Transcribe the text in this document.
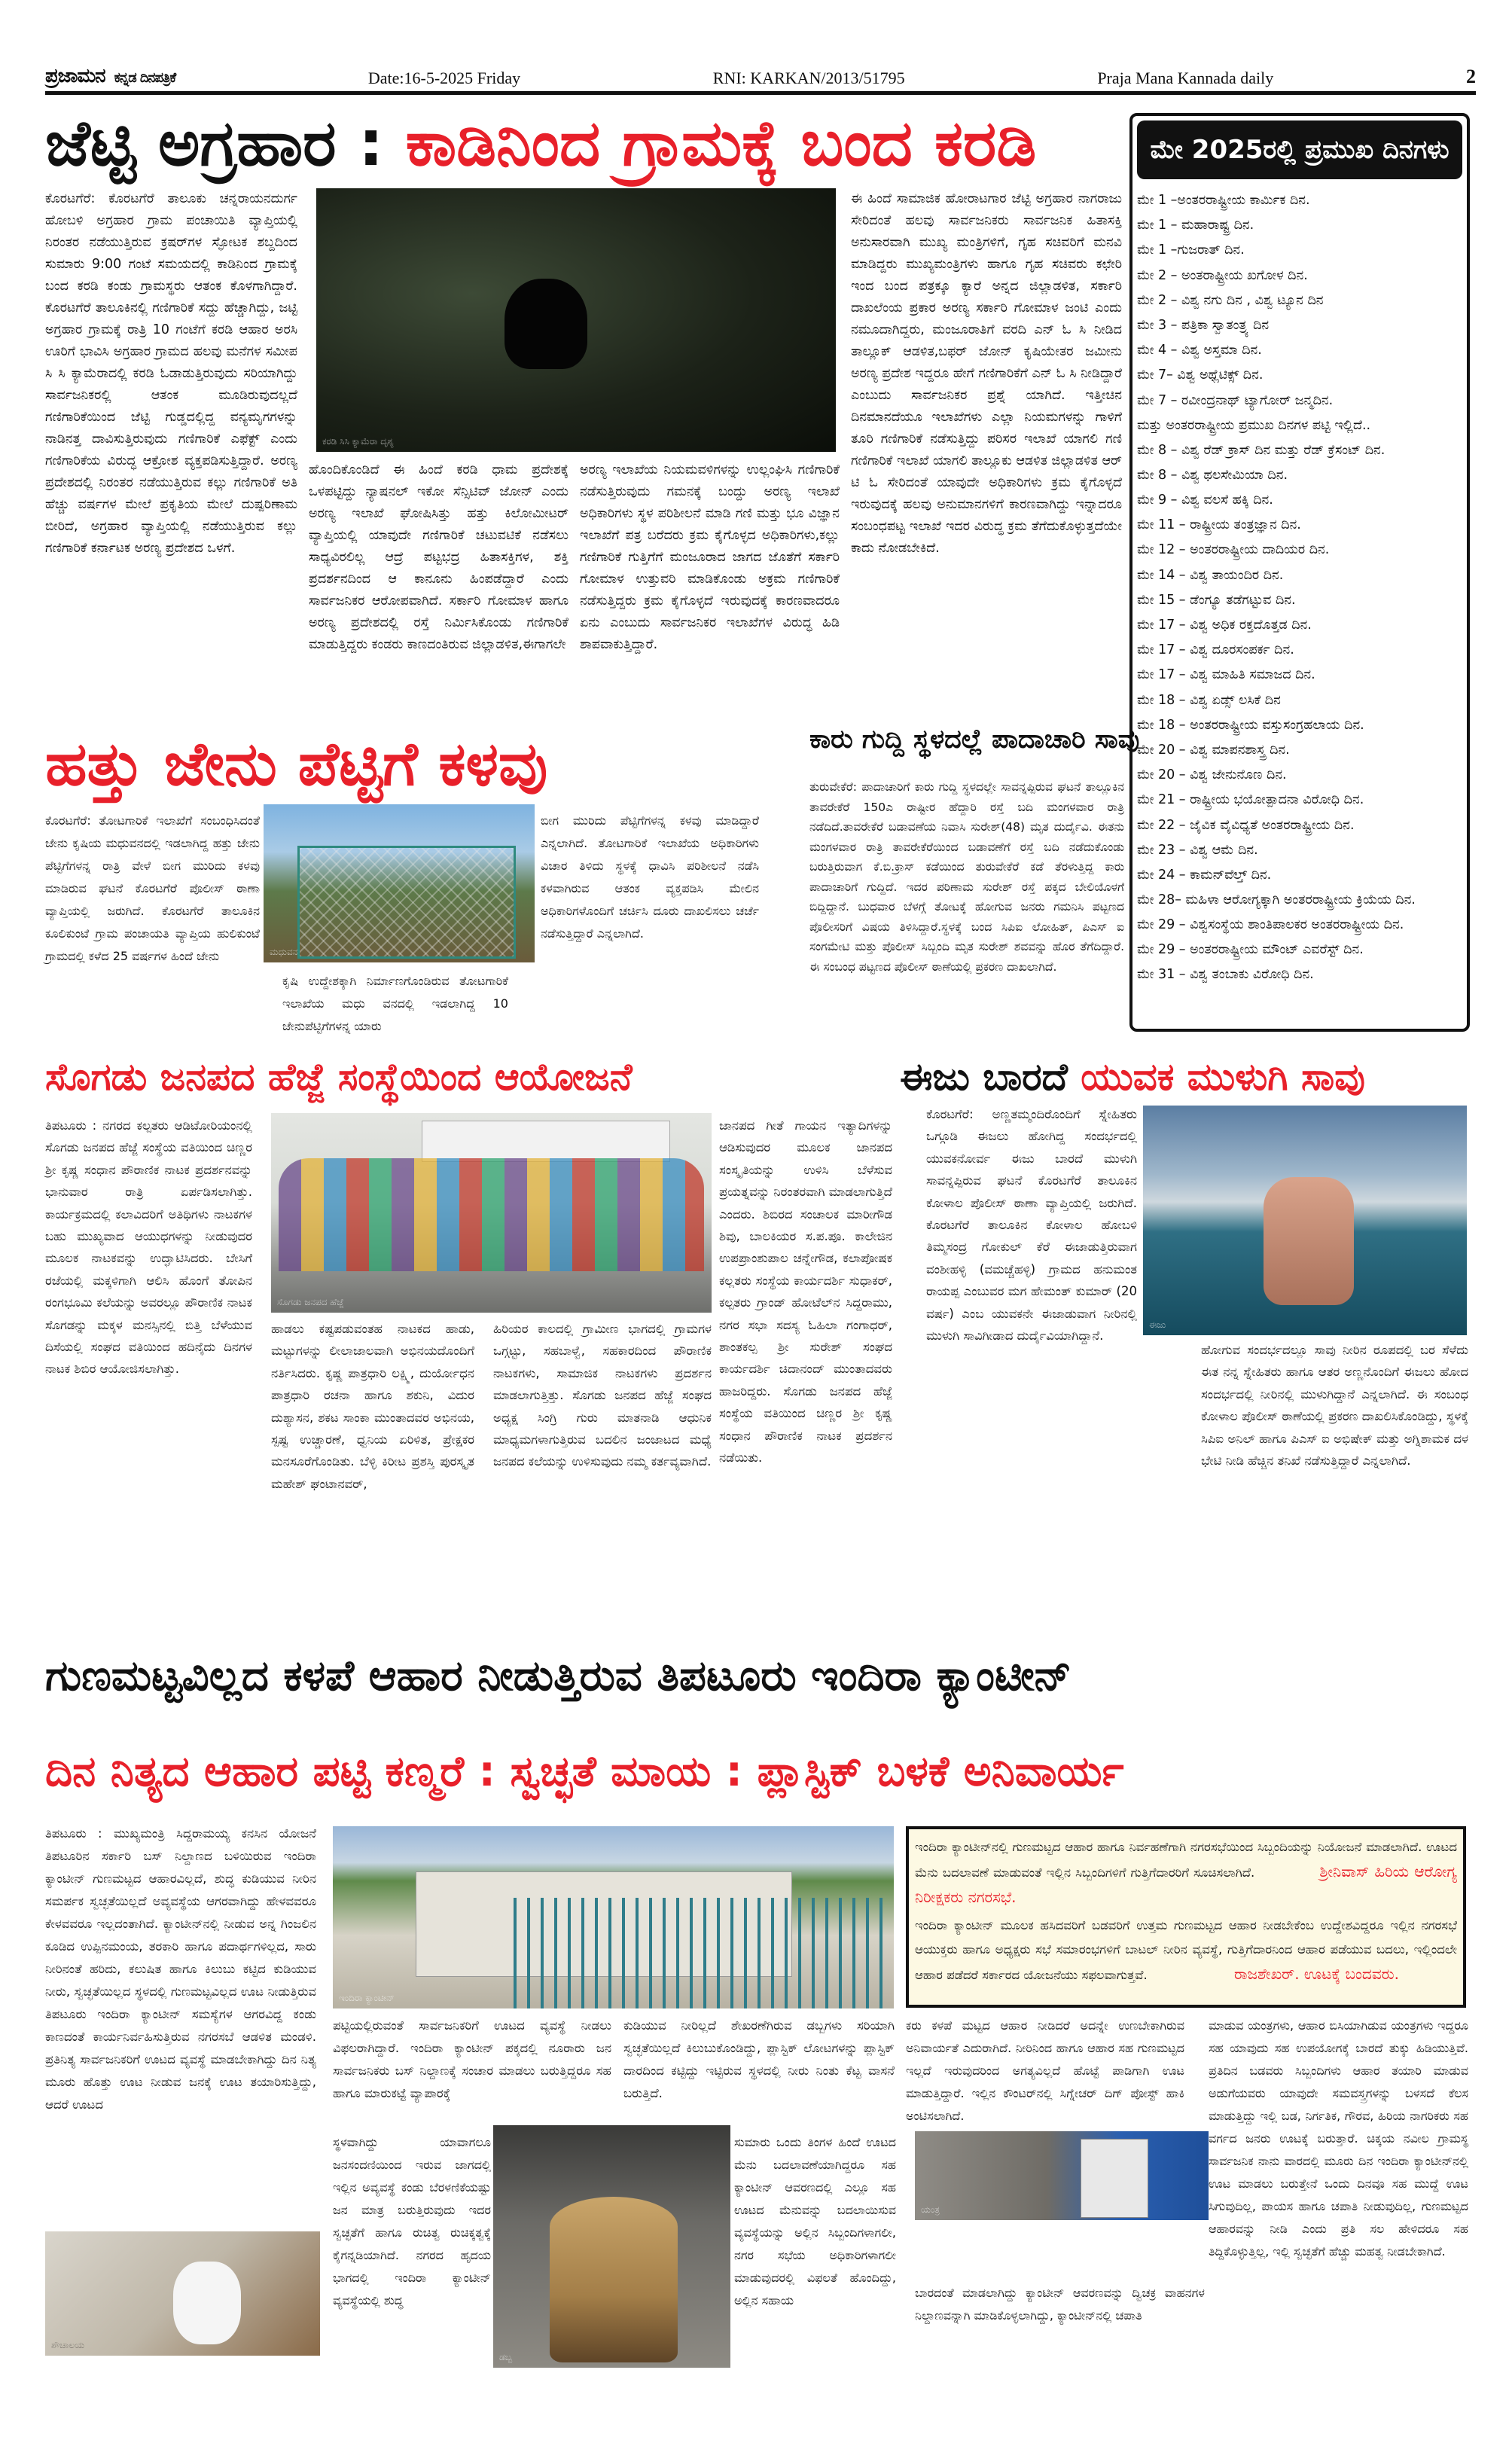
ಪ್ರಜಾಮನ ಕನ್ನಡ ದಿನಪತ್ರಿಕೆ	Date:16-5-2025 Friday	RNI: KARKAN/2013/51795	Praja Mana Kannada daily	2
ಜೆಟ್ಟಿ ಅಗ್ರಹಾರ : ಕಾಡಿನಿಂದ ಗ್ರಾಮಕ್ಕೆ ಬಂದ ಕರಡಿ
ಕೊರಟಗೆರೆ: ಕೊರಟಗೆರೆ ತಾಲೂಕು ಚನ್ನರಾಯನದುರ್ಗ ಹೋಬಳಿ ಅಗ್ರಹಾರ ಗ್ರಾಮ ಪಂಚಾಯಿತಿ ವ್ಯಾಪ್ತಿಯಲ್ಲಿ ನಿರಂತರ ನಡೆಯುತ್ತಿರುವ ಕ್ರಷರ್‌ಗಳ ಸ್ಫೋಟಕ ಶಬ್ದದಿಂದ ಸುಮಾರು 9:00 ಗಂಟೆ ಸಮಯದಲ್ಲಿ ಕಾಡಿನಿಂದ ಗ್ರಾಮಕ್ಕೆ ಬಂದ ಕರಡಿ ಕಂಡು ಗ್ರಾಮಸ್ಥರು ಆತಂಕ ಕೊಳಗಾಗಿದ್ದಾರೆ. ಕೊರಟಗೆರೆ ತಾಲೂಕಿನಲ್ಲಿ ಗಣಿಗಾರಿಕೆ ಸದ್ದು ಹೆಚ್ಚಾಗಿದ್ದು, ಜಟ್ಟಿ ಅಗ್ರಹಾರ ಗ್ರಾಮಕ್ಕೆ ರಾತ್ರಿ 10 ಗಂಟೆಗೆ ಕರಡಿ ಆಹಾರ ಅರಸಿ ಊರಿಗೆ ಭಾವಿಸಿ ಅಗ್ರಹಾರ ಗ್ರಾಮದ ಹಲವು ಮನೆಗಳ ಸಮೀಪ ಸಿ ಸಿ ಕ್ಯಾಮೆರಾದಲ್ಲಿ ಕರಡಿ ಓಡಾಡುತ್ತಿರುವುದು ಸರಿಯಾಗಿದ್ದು ಸಾರ್ವಜನಿಕರಲ್ಲಿ ಆತಂಕ ಮೂಡಿರುವುದಲ್ಲದೆ ಗಣಿಗಾರಿಕೆಯಿಂದ ಜೆಟ್ಟಿ ಗುಡ್ಡದಲ್ಲಿದ್ದ ವನ್ಯಮೃಗಗಳನ್ನು ನಾಡಿನತ್ತ ದಾವಿಸುತ್ತಿರುವುದು ಗಣಿಗಾರಿಕೆ ಎಫೆಕ್ಟ್ ಎಂದು ಗಣಿಗಾರಿಕೆಯ ವಿರುದ್ಧ ಆಕ್ರೋಶ ವ್ಯಕ್ತಪಡಿಸುತ್ತಿದ್ದಾರೆ. ಅರಣ್ಯ ಪ್ರದೇಶದಲ್ಲಿ ನಿರಂತರ ನಡೆಯುತ್ತಿರುವ ಕಲ್ಲು ಗಣಿಗಾರಿಕೆ ಅತಿ ಹೆಚ್ಚು ವರ್ಷಗಳ ಮೇಲೆ ಪ್ರಕೃತಿಯ ಮೇಲೆ ದುಷ್ಪರಿಣಾಮ ಬೀರಿದೆ, ಅಗ್ರಹಾರ ವ್ಯಾಪ್ತಿಯಲ್ಲಿ ನಡೆಯುತ್ತಿರುವ ಕಲ್ಲು ಗಣಿಗಾರಿಕೆ ಕರ್ನಾಟಕ ಅರಣ್ಯ ಪ್ರದೇಶದ ಒಳಗೆ.
ಕರಡಿ ಸಿಸಿ ಕ್ಯಾಮೆರಾ ದೃಶ್ಯ
ಹೊಂದಿಕೊಂಡಿದೆ ಈ ಹಿಂದೆ ಕರಡಿ ಧಾಮ ಪ್ರದೇಶಕ್ಕೆ ಒಳಪಟ್ಟಿದ್ದು ನ್ಯಾಷನಲ್ ಇಕೋ ಸೆನ್ಸಿಟಿವ್ ಜೋನ್ ಎಂದು ಅರಣ್ಯ ಇಲಾಖೆ ಘೋಷಿಸಿತ್ತು ಹತ್ತು ಕಿಲೋಮೀಟರ್ ವ್ಯಾಪ್ತಿಯಲ್ಲಿ ಯಾವುದೇ ಗಣಿಗಾರಿಕೆ ಚಟುವಟಿಕೆ ನಡೆಸಲು ಸಾಧ್ಯವಿರಲಿಲ್ಲ ಆದ್ರೆ ಪಟ್ಟಭದ್ರ ಹಿತಾಸಕ್ತಿಗಳ, ಶಕ್ತಿ ಪ್ರದರ್ಶನದಿಂದ ಆ ಕಾನೂನು ಹಿಂಪಡೆದ್ದಾರೆ ಎಂದು ಸಾರ್ವಜನಿಕರ ಆರೋಪವಾಗಿದೆ. ಸರ್ಕಾರಿ ಗೋಮಾಳ ಹಾಗೂ ಅರಣ್ಯ ಪ್ರದೇಶದಲ್ಲಿ ರಸ್ತೆ ನಿರ್ಮಿಸಿಕೊಂಡು ಗಣಿಗಾರಿಕೆ ಮಾಡುತ್ತಿದ್ದರು ಕಂಡರು ಕಾಣದಂತಿರುವ ಜಿಲ್ಲಾಡಳಿತ,ಈಗಾಗಲೇ
ಅರಣ್ಯ ಇಲಾಖೆಯ ನಿಯಮವಳಿಗಳನ್ನು ಉಲ್ಲಂಘಿಸಿ ಗಣಿಗಾರಿಕೆ ನಡೆಸುತ್ತಿರುವುದು ಗಮನಕ್ಕೆ ಬಂದ್ದು ಅರಣ್ಯ ಇಲಾಖೆ ಅಧಿಕಾರಿಗಳು ಸ್ಥಳ ಪರಿಶೀಲನೆ ಮಾಡಿ ಗಣಿ ಮತ್ತು ಭೂ ವಿಜ್ಞಾನ ಇಲಾಖೆಗೆ ಪತ್ರ ಬರೆದರು ಕ್ರಮ ಕೈಗೊಳ್ಳದ ಅಧಿಕಾರಿಗಳು,ಕಲ್ಲು ಗಣಿಗಾರಿಕೆ ಗುತ್ತಿಗೆಗೆ ಮಂಜೂರಾದ ಜಾಗದ ಜೊತೆಗೆ ಸರ್ಕಾರಿ ಗೋಮಾಳ ಉತ್ತುವರಿ ಮಾಡಿಕೊಂಡು ಅಕ್ರಮ ಗಣಿಗಾರಿಕೆ ನಡೆಸುತ್ತಿದ್ದರು ಕ್ರಮ ಕೈಗೊಳ್ಳದೆ ಇರುವುದಕ್ಕೆ ಕಾರಣವಾದರೂ ಏನು ಎಂಬುದು ಸಾರ್ವಜನಿಕರ ಇಲಾಖೆಗಳ ವಿರುದ್ಧ ಹಿಡಿ ಶಾಪವಾಕುತ್ತಿದ್ದಾರೆ.
ಈ ಹಿಂದೆ ಸಾಮಾಜಿಕ ಹೋರಾಟಗಾರ ಜೆಟ್ಟಿ ಅಗ್ರಹಾರ ನಾಗರಾಜು ಸೇರಿದಂತೆ ಹಲವು ಸಾರ್ವಜನಿಕರು ಸಾರ್ವಜನಿಕ ಹಿತಾಸಕ್ತಿ ಅನುಸಾರವಾಗಿ ಮುಖ್ಯ ಮಂತ್ರಿಗಳಿಗೆ, ಗೃಹ ಸಚಿವರಿಗೆ ಮನವಿ ಮಾಡಿದ್ದರು ಮುಖ್ಯಮಂತ್ರಿಗಳು ಹಾಗೂ ಗೃಹ ಸಚಿವರು ಕಛೇರಿ ಇಂದ ಬಂದ ಪತ್ರಕ್ಕೂ ಕ್ಯಾರೆ ಅನ್ನದ ಜಿಲ್ಲಾಡಳಿತ, ಸರ್ಕಾರಿ ದಾಖಲೆಂಯ ಪ್ರಕಾರ ಅರಣ್ಯ ಸರ್ಕಾರಿ ಗೋಮಾಳ ಜಂಟಿ ಎಂದು ನಮೂದಾಗಿದ್ದರು, ಮಂಜೂರಾತಿಗೆ ವರದಿ ಎನ್ ಓ ಸಿ ನೀಡಿದ ತಾಲ್ಲೂಕ್ ಆಡಳಿತ,ಬಫರ್ ಜೋನ್ ಕೃಷಿಯೇತರ ಜಮೀನು ಅರಣ್ಯ ಪ್ರದೇಶ ಇದ್ದರೂ ಹೇಗೆ ಗಣಿಗಾರಿಕೆಗೆ ಎನ್ ಓ ಸಿ ನೀಡಿದ್ದಾರೆ ಎಂಬುದು ಸಾರ್ವಜನಿಕರ ಪ್ರಶ್ನೆ ಯಾಗಿದೆ. ಇತ್ತೀಚಿನ ದಿನಮಾನದೆಯೂ ಇಲಾಖೆಗಳು ಎಲ್ಲಾ ನಿಯಮಗಳನ್ನು ಗಾಳಿಗೆ ತೂರಿ ಗಣಿಗಾರಿಕೆ ನಡೆಸುತ್ತಿದ್ದು ಪರಿಸರ ಇಲಾಖೆ ಯಾಗಲಿ ಗಣಿ ಗಣಿಗಾರಿಕೆ ಇಲಾಖೆ ಯಾಗಲಿ ತಾಲ್ಲೂಕು ಆಡಳಿತ ಜಿಲ್ಲಾಡಳಿತ ಆರ್ ಟಿ ಓ ಸೇರಿದಂತೆ ಯಾವುದೇ ಅಧಿಕಾರಿಗಳು ಕ್ರಮ ಕೈಗೊಳ್ಳದೆ ಇರುವುದಕ್ಕೆ ಹಲವು ಅನುಮಾನಗಳಿಗೆ ಕಾರಣವಾಗಿದ್ದು ಇನ್ನಾದರೂ ಸಂಬಂಧಪಟ್ಟ ಇಲಾಖೆ ಇದರ ವಿರುದ್ಧ ಕ್ರಮ ತೆಗೆದುಕೊಳ್ಳುತ್ತದೆಯೇ ಕಾದು ನೋಡಬೇಕಿದೆ.
ಮೇ 2025ರಲ್ಲಿ ಪ್ರಮುಖ ದಿನಗಳು
ಮೇ 1 –ಅಂತರರಾಷ್ಟ್ರೀಯ ಕಾರ್ಮಿಕ ದಿನ.
ಮೇ 1 – ಮಹಾರಾಷ್ಟ್ರ ದಿನ.
ಮೇ 1 –ಗುಜರಾತ್ ದಿನ.
ಮೇ 2 – ಅಂತರಾಷ್ಟ್ರೀಯ ಖಗೋಳ ದಿನ.
ಮೇ 2 – ವಿಶ್ವ ನಗು ದಿನ , ವಿಶ್ವ ಟ್ಯೂನ ದಿನ
ಮೇ 3 – ಪತ್ರಿಕಾ ಸ್ವಾತಂತ್ರ್ಯ ದಿನ
ಮೇ 4 – ವಿಶ್ವ ಅಸ್ತಮಾ ದಿನ.
ಮೇ 7– ವಿಶ್ವ ಅಥ್ಲೆಟಿಕ್ಸ್ ದಿನ.
ಮೇ 7 – ರವೀಂದ್ರನಾಥ್ ಟ್ಯಾಗೋರ್ ಜನ್ಮದಿನ.
ಮತ್ತು ಅಂತರರಾಷ್ಟ್ರೀಯ ಪ್ರಮುಖ ದಿನಗಳ ಪಟ್ಟಿ ಇಲ್ಲಿದೆ..
ಮೇ 8 – ವಿಶ್ವ ರೆಡ್ ಕ್ರಾಸ್ ದಿನ ಮತ್ತು ರೆಡ್ ಕ್ರೆಸಂಟ್ ದಿನ.
ಮೇ 8 – ವಿಶ್ವ ಥಲಸೇಮಿಯಾ ದಿನ.
ಮೇ 9 – ವಿಶ್ವ ವಲಸೆ ಹಕ್ಕಿ ದಿನ.
ಮೇ 11 – ರಾಷ್ಟ್ರೀಯ ತಂತ್ರಜ್ಞಾನ ದಿನ.
ಮೇ 12 – ಅಂತರರಾಷ್ಟ್ರೀಯ ದಾದಿಯರ ದಿನ.
ಮೇ 14 – ವಿಶ್ವ ತಾಯಂದಿರ ದಿನ.
ಮೇ 15 – ಡೆಂಗ್ಯೂ ತಡೆಗಟ್ಟುವ ದಿನ.
ಮೇ 17 – ವಿಶ್ವ ಅಧಿಕ ರಕ್ತದೊತ್ತಡ ದಿನ.
ಮೇ 17 – ವಿಶ್ವ ದೂರಸಂಪರ್ಕ ದಿನ.
ಮೇ 17 – ವಿಶ್ವ ಮಾಹಿತಿ ಸಮಾಜದ ದಿನ.
ಮೇ 18 – ವಿಶ್ವ ಏಡ್ಸ್ ಲಸಿಕೆ ದಿನ
ಮೇ 18 – ಅಂತರರಾಷ್ಟ್ರೀಯ ವಸ್ತುಸಂಗ್ರಹಲಾಯ ದಿನ.
ಮೇ 20 – ವಿಶ್ವ ಮಾಪನಶಾಸ್ತ್ರ ದಿನ.
ಮೇ 20 – ವಿಶ್ವ ಜೇನುನೊಣ ದಿನ.
ಮೇ 21 – ರಾಷ್ಟ್ರೀಯ ಭಯೋತ್ಪಾದನಾ ವಿರೋಧಿ ದಿನ.
ಮೇ 22 – ಜೈವಿಕ ವೈವಿಧ್ಯತೆ ಅಂತರರಾಷ್ಟ್ರೀಯ ದಿನ.
ಮೇ 23 – ವಿಶ್ವ ಆಮೆ ದಿನ.
ಮೇ 24 – ಕಾಮನ್‌ವೆಲ್ತ್ ದಿನ.
ಮೇ 28– ಮಹಿಳಾ ಆರೋಗ್ಯಕ್ಕಾಗಿ ಅಂತರರಾಷ್ಟ್ರೀಯ ಕ್ರಿಯೆಯ ದಿನ.
ಮೇ 29 – ವಿಶ್ವಸಂಸ್ಥೆಯ ಶಾಂತಿಪಾಲಕರ ಅಂತರರಾಷ್ಟ್ರೀಯ ದಿನ.
ಮೇ 29 – ಅಂತರರಾಷ್ಟ್ರೀಯ ಮೌಂಟ್ ಎವರೆಸ್ಟ್ ದಿನ.
ಮೇ 31 – ವಿಶ್ವ ತಂಬಾಕು ವಿರೋಧಿ ದಿನ.
ಹತ್ತು ಜೇನು ಪೆಟ್ಟಿಗೆ ಕಳವು
ಕೊರಟಗೆರೆ: ತೋಟಗಾರಿಕೆ ಇಲಾಖೆಗೆ ಸಂಬಂಧಿಸಿದಂತೆ ಜೇನು ಕೃಷಿಯ ಮಧುವನದಲ್ಲಿ ಇಡಲಾಗಿದ್ದ ಹತ್ತು ಜೇನು ಪೆಟ್ಟಿಗೆಗಳನ್ನ ರಾತ್ರಿ ವೇಳೆ ಬೀಗ ಮುರಿದು ಕಳವು ಮಾಡಿರುವ ಘಟನೆ ಕೊರಟಗೆರೆ ಪೊಲೀಸ್ ಠಾಣಾ ವ್ಯಾಪ್ತಿಯಲ್ಲಿ ಜರುಗಿದೆ. ಕೊರಟಗೆರೆ ತಾಲೂಕಿನ ಕೂಲಿಕುಂಟೆ ಗ್ರಾಮ ಪಂಚಾಯತಿ ವ್ಯಾಪ್ತಿಯ ಹುಲಿಕುಂಟೆ ಗ್ರಾಮದಲ್ಲಿ ಕಳೆದ 25 ವರ್ಷಗಳ ಹಿಂದೆ ಜೇನು	ಮಧುವನ
ಕೃಷಿ ಉದ್ದೇಶಕ್ಕಾಗಿ ನಿರ್ಮಾಣಗೊಂಡಿರುವ ತೋಟಗಾರಿಕೆ ಇಲಾಖೆಯ ಮಧು ವನದಲ್ಲಿ ಇಡಲಾಗಿದ್ದ 10 ಜೇನುಪೆಟ್ಟಿಗೆಗಳನ್ನ ಯಾರು
ಬೀಗ ಮುರಿದು ಪೆಟ್ಟಿಗೆಗಳನ್ನ ಕಳವು ಮಾಡಿದ್ದಾರೆ ಎನ್ನಲಾಗಿದೆ. ತೋಟಗಾರಿಕೆ ಇಲಾಖೆಯ ಅಧಿಕಾರಿಗಳು ವಿಚಾರ ತಿಳಿದು ಸ್ಥಳಕ್ಕೆ ಧಾವಿಸಿ ಪರಿಶೀಲನೆ ನಡೆಸಿ ಕಳವಾಗಿರುವ ಆತಂಕ ವ್ಯಕ್ತಪಡಿಸಿ ಮೇಲಿನ ಅಧಿಕಾರಿಗಳೊಂದಿಗೆ ಚರ್ಚಿಸಿ ದೂರು ದಾಖಲಿಸಲು ಚರ್ಚೆ ನಡೆಸುತ್ತಿದ್ದಾರೆ ಎನ್ನಲಾಗಿದೆ.
ಕಾರು ಗುದ್ದಿ ಸ್ಥಳದಲ್ಲೆ ಪಾದಾಚಾರಿ ಸಾವು
ತುರುವೇಕೆರೆ: ಪಾದಾಚಾರಿಗೆ ಕಾರು ಗುದ್ದಿ ಸ್ಥಳದಲ್ಲೇ ಸಾವನ್ನಪ್ಪಿರುವ ಘಟನೆ ತಾಲ್ಲೂಕಿನ ತಾವರೇಕೆರೆ 150ಎ ರಾಷ್ಟೀರ ಹೆದ್ದಾರಿ ರಸ್ತೆ ಬದಿ ಮಂಗಳವಾರ ರಾತ್ರಿ ನಡೆದಿದೆ.ತಾವರೇಕೆರೆ ಬಡಾವಣೆಯ ನಿವಾಸಿ ಸುರೇಶ್(48) ಮೃತ ದುರ್ದೈವಿ. ಈತನು ಮಂಗಳವಾರ ರಾತ್ರಿ ತಾವರೇಕೆರೆಯಿಂದ ಬಡಾವಣೆಗೆ ರಸ್ತೆ ಬದಿ ನಡೆದುಕೊಂಡು ಬರುತ್ತಿರುವಾಗ ಕೆ.ಬಿ.ಕ್ರಾಸ್ ಕಡೆಯಿಂದ ತುರುವೇಕೆರೆ ಕಡೆ ತೆರಳುತ್ತಿದ್ದ ಕಾರು ಪಾದಾಚಾರಿಗೆ ಗುದ್ದಿದೆ. ಇದರ ಪರಿಣಾಮ ಸುರೇಶ್ ರಸ್ತೆ ಪಕ್ಕದ ಬೇಲಿಯೊಳಗೆ ಬಿದ್ದಿದ್ದಾನೆ. ಬುಧವಾರ ಬೆಳಗ್ಗೆ ತೋಟಕ್ಕೆ ಹೋಗುವ ಜನರು ಗಮನಿಸಿ ಪಟ್ಟಣದ ಪೊಲೀಸರಿಗೆ ವಿಷಯ ತಿಳಿಸಿದ್ದಾರೆ.ಸ್ಥಳಕ್ಕೆ ಬಂದ ಸಿಪಿಐ ಲೋಹಿತ್, ಪಿಎಸ್ ಐ ಸಂಗಮೇಟಿ ಮತ್ತು ಪೊಲೀಸ್ ಸಿಬ್ಬಂದಿ ಮೃತ ಸುರೇಶ್ ಶವವನ್ನು ಹೊರ ತೆಗೆದಿದ್ದಾರೆ. ಈ ಸಂಬಂಧ ಪಟ್ಟಣದ ಪೊಲೀಸ್ ಠಾಣೆಯಲ್ಲಿ ಪ್ರಕರಣ ದಾಖಲಾಗಿದೆ.
ಸೊಗಡು ಜನಪದ ಹೆಜ್ಜೆ ಸಂಸ್ಥೆಯಿಂದ ಆಯೋಜನೆ
ತಿಪಟೂರು : ನಗರದ ಕಲ್ಪತರು ಆಡಿಟೋರಿಯಂನಲ್ಲಿ ಸೊಗಡು ಜನಪದ ಹೆಜ್ಜೆ ಸಂಸ್ಥೆಯ ವತಿಯಿಂದ ಚಿಣ್ಣರ ಶ್ರೀ ಕೃಷ್ಣ ಸಂಧಾನ ಪೌರಾಣಿಕ ನಾಟಕ ಪ್ರದರ್ಶನವನ್ನು ಭಾನುವಾರ ರಾತ್ರಿ ಏರ್ಪಡಿಸಲಾಗಿತ್ತು. ಕಾರ್ಯಕ್ರಮದಲ್ಲಿ ಕಲಾವಿದರಿಗೆ ಅತಿಥಿಗಳು ನಾಟಕಗಳ ಬಹು ಮುಖ್ಯವಾದ ಆಯುಧಗಳನ್ನು ನೀಡುವುದರ ಮೂಲಕ ನಾಟಕವನ್ನು ಉದ್ಘಾಟಿಸಿದರು. ಬೇಸಿಗೆ ರಜೆಯಲ್ಲಿ ಮಕ್ಕಳಿಗಾಗಿ ಆಲಿಸಿ ಹೊಂಗೆ ತೋಪಿನ ರಂಗಭೂಮಿ ಕಲೆಯನ್ನು ಅವರಲ್ಲೂ ಪೌರಾಣಿಕ ನಾಟಕ ಸೊಗಡನ್ನು ಮಕ್ಕಳ ಮನಸ್ಸಿನಲ್ಲಿ ಬಿತ್ತಿ ಬೆಳೆಯುವ ದಿಸೆಯಲ್ಲಿ ಸಂಘದ ವತಿಯಿಂದ ಹದಿನೈದು ದಿನಗಳ ನಾಟಕ ಶಿಬಿರ ಆಯೋಜಿಸಲಾಗಿತ್ತು.
ಸೊಗಡು ಜನಪದ ಹೆಜ್ಜೆ
ಹಾಡಲು ಕಷ್ಟಪಡುವಂತಹ ನಾಟಕದ ಹಾಡು, ಮಟ್ಟುಗಳನ್ನು ಲೀಲಾಜಾಲವಾಗಿ ಅಭಿನಯದೊಂದಿಗೆ ನರ್ತಿಸಿದರು. ಕೃಷ್ಣ ಪಾತ್ರಧಾರಿ ಲಕ್ಷ್ಮಿ, ದುರ್ಯೋಧನ ಪಾತ್ರಧಾರಿ ರಚನಾ ಹಾಗೂ ಶಕುನಿ, ವಿದುರ ದುಶ್ಯಾಸನ, ಶಕಟ ಸಾಂಕಾ ಮುಂತಾದವರ ಅಭಿನಯ, ಸ್ಪಷ್ಟ ಉಚ್ಚಾರಣೆ, ಧ್ವನಿಯ ಏರಿಳಿತ, ಪ್ರೇಕ್ಷಕರ ಮನಸೂರೆಗೊಂಡಿತು. ಬೆಳ್ಳಿ ಕಿರೀಟ ಪ್ರಶಸ್ತಿ ಪುರಸ್ಕೃತ ಮಹೇಶ್ ಘಂಟಾನವರ್,
ಹಿರಿಯರ ಕಾಲದಲ್ಲಿ ಗ್ರಾಮೀಣ ಭಾಗದಲ್ಲಿ ಗ್ರಾಮಗಳ ಒಗ್ಗಟ್ಟು, ಸಹಬಾಳ್ವೆ, ಸಹಕಾರದಿಂದ ಪೌರಾಣಿಕ ನಾಟಕಗಳು, ಸಾಮಾಜಿಕ ನಾಟಕಗಳು ಪ್ರದರ್ಶನ ಮಾಡಲಾಗುತ್ತಿತ್ತು. ಸೊಗಡು ಜನಪದ ಹೆಜ್ಜೆ ಸಂಘದ ಅಧ್ಯಕ್ಷ ಸಿಂಗ್ರಿ ಗುರು ಮಾತನಾಡಿ ಆಧುನಿಕ ಮಾಧ್ಯಮಗಳಾಗುತ್ತಿರುವ ಬದಲಿನ ಜಂಜಾಟದ ಮಧ್ಯೆ ಜನಪದ ಕಲೆಯನ್ನು ಉಳಿಸುವುದು ನಮ್ಮ ಕರ್ತವ್ಯವಾಗಿದೆ.
ಜಾನಪದ ಗೀತೆ ಗಾಯನ ಇತ್ಯಾದಿಗಳನ್ನು ಆಡಿಸುವುದರ ಮೂಲಕ ಜಾನಪದ ಸಂಸ್ಕೃತಿಯನ್ನು ಉಳಿಸಿ ಬೆಳೆಸುವ ಪ್ರಯತ್ನವನ್ನು ನಿರಂತರವಾಗಿ ಮಾಡಲಾಗುತ್ತಿದೆ ಎಂದರು. ಶಿಬಿರದ ಸಂಚಾಲಕ ಮಾರೀಗೌಡ ಶಿವು, ಬಾಲಕಿಯರ ಸ.ಪ.ಪೂ. ಕಾಲೇಜಿನ ಉಪಪ್ರಾಂಶುಪಾಲ ಚನ್ನೇಗೌಡ, ಕಲಾಪೋಷಕ ಕಲ್ಲತರು ಸಂಸ್ಥೆಯ ಕಾರ್ಯದರ್ಶಿ ಸುಧಾಕರ್, ಕಲ್ಪತರು ಗ್ರಾಂಡ್ ಹೋಟೆಲ್‌ನ ಸಿದ್ದರಾಮು, ನಗರ ಸಭಾ ಸದಸ್ಯ ಓಹಿಲಾ ಗಂಗಾಧರ್, ಶಾಂತಕಲ್ಪ ಶ್ರೀ ಸುರೇಶ್ ಸಂಘದ ಕಾರ್ಯದರ್ಶಿ ಚಿದಾನಂದ್ ಮುಂತಾದವರು ಹಾಜರಿದ್ದರು. ಸೊಗಡು ಜನಪದ ಹೆಜ್ಜೆ ಸಂಸ್ಥೆಯ ವತಿಯಿಂದ ಚಿಣ್ಣರ ಶ್ರೀ ಕೃಷ್ಣ ಸಂಧಾನ ಪೌರಾಣಿಕ ನಾಟಕ ಪ್ರದರ್ಶನ ನಡೆಯಿತು.
ಈಜು ಬಾರದೆ ಯುವಕ ಮುಳುಗಿ ಸಾವು
ಕೊರಟಗೆರೆ: ಅಣ್ಣತಮ್ಮಂದಿರೊಂದಿಗೆ ಸ್ನೇಹಿತರು ಒಗ್ಗೂಡಿ ಈಜಲು ಹೋಗಿದ್ದ ಸಂದರ್ಭದಲ್ಲಿ ಯುವಕನೋರ್ವ ಈಜು ಬಾರದೆ ಮುಳುಗಿ ಸಾವನ್ನಪ್ಪಿರುವ ಘಟನೆ ಕೊರಟಗೆರೆ ತಾಲೂಕಿನ ಕೋಳಾಲ ಪೊಲೀಸ್ ಠಾಣಾ ವ್ಯಾಪ್ತಿಯಲ್ಲಿ ಜರುಗಿದೆ. ಕೊರಟಗೆರೆ ತಾಲೂಕಿನ ಕೋಳಾಲ ಹೋಬಳಿ ತಿಮ್ಮಸಂದ್ರ ಗೋಕುಲ್ ಕೆರೆ ಈಜಾಡುತ್ತಿರುವಾಗ ವಂಶೀಹಳ್ಳಿ (ವಮಚ್ಚೆಹಳ್ಳಿ) ಗ್ರಾಮದ ಹನುಮಂತ ರಾಯಪ್ಪ ಎಂಬುವರ ಮಗ ಹೇಮಂತ್ ಕುಮಾರ್ (20 ವರ್ಷ) ಎಂಬ ಯುವಕನೇ ಈಜಾಡುವಾಗ ನೀರಿನಲ್ಲಿ ಮುಳುಗಿ ಸಾವಿಗೀಡಾದ ದುರ್ದೈವಿಯಾಗಿದ್ದಾನೆ.
ಈಜು
ಹೋಗುವ ಸಂದರ್ಭದಲ್ಲೂ ಸಾವು ನೀರಿನ ರೂಪದಲ್ಲಿ ಬರ ಸೆಳೆದು ಈತ ನನ್ನ ಸ್ನೇಹಿತರು ಹಾಗೂ ಆತರ ಅಣ್ಣನೊಂದಿಗೆ ಈಜಲು ಹೋದ ಸಂದರ್ಭದಲ್ಲಿ ನೀರಿನಲ್ಲಿ ಮುಳುಗಿದ್ದಾನೆ ಎನ್ನಲಾಗಿದೆ. ಈ ಸಂಬಂಧ ಕೋಳಾಲ ಪೊಲೀಸ್ ಠಾಣೆಯಲ್ಲಿ ಪ್ರಕರಣ ದಾಖಲಿಸಿಕೊಂಡಿದ್ದು, ಸ್ಥಳಕ್ಕೆ ಸಿಪಿಐ ಅನಿಲ್ ಹಾಗೂ ಪಿಎಸ್ ಐ ಅಭಿಷೇಕ್ ಮತ್ತು ಅಗ್ನಿಶಾಮಕ ದಳ ಭೇಟಿ ನೀಡಿ ಹೆಚ್ಚಿನ ತನಿಖೆ ನಡೆಸುತ್ತಿದ್ದಾರೆ ಎನ್ನಲಾಗಿದೆ.
ಗುಣಮಟ್ಟವಿಲ್ಲದ ಕಳಪೆ ಆಹಾರ ನೀಡುತ್ತಿರುವ ತಿಪಟೂರು ಇಂದಿರಾ ಕ್ಯಾಂಟೀನ್
ದಿನ ನಿತ್ಯದ ಆಹಾರ ಪಟ್ಟಿ ಕಣ್ಮರೆ : ಸ್ವಚ್ಛತೆ ಮಾಯ : ಪ್ಲಾಸ್ಟಿಕ್ ಬಳಕೆ ಅನಿವಾರ್ಯ
ತಿಪಟೂರು : ಮುಖ್ಯಮಂತ್ರಿ ಸಿದ್ದರಾಮಯ್ಯ ಕನಸಿನ ಯೋಜನೆ ತಿಪಟೂರಿನ ಸರ್ಕಾರಿ ಬಸ್ ನಿಲ್ದಾಣದ ಬಳಿಯಿರುವ ಇಂದಿರಾ ಕ್ಯಾಂಟೀನ್ ಗುಣಮಟ್ಟದ ಆಹಾರವಿಲ್ಲದೆ, ಶುದ್ಧ ಕುಡಿಯುವ ನೀರಿನ ಸಮರ್ಪಕ ಸ್ವಚ್ಛತೆಯಿಲ್ಲದೆ ಅವ್ಯವಸ್ಥೆಯ ಆಗರವಾಗಿದ್ದು ಹೇಳವವರೂ ಕೇಳವವರೂ ಇಲ್ಲದಂತಾಗಿದೆ. ಕ್ಯಾಂಟೀನ್‌ನಲ್ಲಿ ನೀಡುವ ಅನ್ನ ಗಿಂಜಲಿನ ಕೂಡಿದ ಉಪ್ಪಿನಮಂಯ, ತರಕಾರಿ ಹಾಗೂ ಪದಾರ್ಥಗಳಿಲ್ಲದ, ಸಾರು ನೀರಿನಂತೆ ಹರಿದು, ಕಲುಷಿತ ಹಾಗೂ ಕಿಲುಬು ಕಟ್ಟಿದ ಕುಡಿಯುವ ನೀರು, ಸ್ವಚ್ಛತೆಯಿಲ್ಲದ ಸ್ಥಳದಲ್ಲಿ ಗುಣಮಟ್ಟವಿಲ್ಲದ ಊಟ ನೀಡುತ್ತಿರುವ ತಿಪಟೂರು ಇಂದಿರಾ ಕ್ಯಾಂಟೀನ್ ಸಮಸ್ಯೆಗಳ ಆಗರವಿದ್ದ ಕಂಡು ಕಾಣದಂತೆ ಕಾರ್ಯನಿರ್ವಹಿಸುತ್ತಿರುವ ನಗರಸಬೆ ಆಡಳಿತ ಮಂಡಳಿ. ಪ್ರತಿನಿತ್ಯ ಸಾರ್ವಜನಿಕರಿಗೆ ಊಟದ ವ್ಯವಸ್ಥೆ ಮಾಡಬೇಕಾಗಿದ್ದು ದಿನ ನಿತ್ಯ ಮೂರು ಹೊತ್ತು ಊಟ ನೀಡುವ ಜನಕ್ಕೆ ಊಟ ತಯಾರಿಸುತ್ತಿದ್ದು, ಆದರೆ ಊಟದ
ಇಂದಿರಾ ಕ್ಯಾಂಟೀನ್
ಪಟ್ಟಿಯಲ್ಲಿರುವಂತೆ ಸಾರ್ವಜನಿಕರಿಗೆ ಊಟದ ವ್ಯವಸ್ಥೆ ನೀಡಲು ವಿಫಲರಾಗಿದ್ದಾರೆ. ಇಂದಿರಾ ಕ್ಯಾಂಟೀನ್ ಪಕ್ಕದಲ್ಲಿ ನೂರಾರು ಜನ ಸಾರ್ವಜನಿಕರು ಬಸ್ ನಿಲ್ದಾಣಕ್ಕೆ ಸಂಚಾರ ಮಾಡಲು ಬರುತ್ತಿದ್ದರೂ ಸಹ ಹಾಗೂ ಮಾರುಕಟ್ಟೆ ವ್ಯಾಪಾರಕ್ಕೆ
ಕುಡಿಯುವ ನೀರಿಲ್ಲದೆ ಶೇಖರಣೆಗಿರುವ ಡಬ್ಬಗಳು ಸರಿಯಾಗಿ ಸ್ವಚ್ಛತೆಯಿಲ್ಲದೆ ಕಿಲುಬುಕೊಂಡಿದ್ದು, ಪ್ಲಾಸ್ಟಿಕ್ ಲೋಟಗಳನ್ನು ಪ್ಲಾಸ್ಟಿಕ್ ದಾರದಿಂದ ಕಟ್ಟಿದ್ದು ಇಟ್ಟಿರುವ ಸ್ಥಳದಲ್ಲಿ ನೀರು ನಿಂತು ಕೆಟ್ಟ ವಾಸನೆ ಬರುತ್ತಿದೆ.
ಶೌಚಾಲಯ
ಸ್ಥಳವಾಗಿದ್ದು ಯಾವಾಗಲೂ ಜನಸಂದಣಿಯಿಂದ ಇರುವ ಜಾಗದಲ್ಲಿ ಇಲ್ಲಿನ ಅವ್ಯವಸ್ಥೆ ಕಂಡು ಬೆರಳಣಿಕೆಯಷ್ಟು ಜನ ಮಾತ್ರ ಬರುತ್ತಿರುವುದು ಇದರ ಸ್ವಚ್ಛತೆಗೆ ಹಾಗೂ ರುಚಿತ್ವ ರುಚಿಕ್ಕತ್ವಕ್ಕೆ ಕೈಗನ್ನಡಿಯಾಗಿದೆ. ನಗರದ ಹೃದಯ ಭಾಗದಲ್ಲಿ ಇಂದಿರಾ ಕ್ಯಾಂಟೀನ್ ವ್ಯವಸ್ಥೆಯಲ್ಲಿ ಶುದ್ಧ
ಡಬ್ಬ
ಸುಮಾರು ಒಂದು ತಿಂಗಳ ಹಿಂದೆ ಊಟದ ಮೆನು ಬದಲಾವಣೆಯಾಗಿದ್ದರೂ ಸಹ ಕ್ಯಾಂಟೀನ್ ಆವರಣದಲ್ಲಿ ಎಲ್ಲೂ ಸಹ ಊಟದ ಮೆನುವನ್ನು ಬದಲಾಯಿಸುವ ವ್ಯವಸ್ಥೆಯನ್ನು ಅಲ್ಲಿನ ಸಿಬ್ಬಂದಿಗಳಾಗಲೀ, ನಗರ ಸಭೆಯ ಅಧಿಕಾರಿಗಳಾಗಲೀ ಮಾಡುವುದರಲ್ಲಿ ವಿಫಲತೆ ಹೊಂದಿದ್ದು, ಅಲ್ಲಿನ ಸಹಾಯ
ಇಂದಿರಾ ಕ್ಯಾಂಟೀನ್‌ನಲ್ಲಿ ಗುಣಮಟ್ಟದ ಆಹಾರ ಹಾಗೂ ನಿರ್ವಹಣೆಗಾಗಿ ನಗರಸಭೆಯಿಂದ ಸಿಬ್ಬಂದಿಯನ್ನು ನಿಯೋಜನೆ ಮಾಡಲಾಗಿದೆ. ಊಟದ ಮೆನು ಬದಲಾವಣೆ ಮಾಡುವಂತೆ ಇಲ್ಲಿನ ಸಿಬ್ಬಂದಿಗಳಿಗೆ ಗುತ್ತಿಗೆದಾರರಿಗೆ ಸೂಚಿಸಲಾಗಿದೆ.	ಶ್ರೀನಿವಾಸ್ ಹಿರಿಯ ಆರೋಗ್ಯ ನಿರೀಕ್ಷಕರು ನಗರಸಭೆ.
ಇಂದಿರಾ ಕ್ಯಾಂಟೀನ್ ಮೂಲಕ ಹಸಿದವರಿಗೆ ಬಡವರಿಗೆ ಉತ್ತಮ ಗುಣಮಟ್ಟದ ಆಹಾರ ನೀಡಬೇಕೆಂಬ ಉದ್ದೇಶವಿದ್ದರೂ ಇಲ್ಲಿನ ನಗರಸಭೆ ಆಯುಕ್ತರು ಹಾಗೂ ಅಧ್ಯಕ್ಷರು ಸಭೆ ಸಮಾರಂಭಗಳಿಗೆ ಬಾಟಲ್ ನೀರಿನ ವ್ಯವಸ್ಥೆ, ಗುತ್ತಿಗೆದಾರನಿಂದ ಆಹಾರ ಪಡೆಯುವ ಬದಲು, ಇಲ್ಲಿಂದಲೇ ಆಹಾರ ಪಡೆದರೆ ಸರ್ಕಾರದ ಯೋಜನೆಯು ಸಫಲವಾಗುತ್ತವೆ.	ರಾಜಶೇಖರ್. ಊಟಕ್ಕೆ ಬಂದವರು.
ಕರು ಕಳಪೆ ಮಟ್ಟದ ಆಹಾರ ನೀಡಿದರೆ ಅದನ್ನೇ ಉಣಬೇಕಾಗಿರುವ ಅನಿವಾರ್ಯತೆ ಎದುರಾಗಿದೆ. ನೀರಿನಿಂದ ಹಾಗೂ ಆಹಾರ ಸಹ ಗುಣಮಟ್ಟದ ಇಲ್ಲದೆ ಇರುವುದರಿಂದ ಅಗತ್ಯವಿಲ್ಲದೆ ಹೊಟ್ಟೆ ಪಾಡಿಗಾಗಿ ಊಟ ಮಾಡುತ್ತಿದ್ದಾರೆ. ಇಲ್ಲಿನ ಕೌಂಟರ್‌ನಲ್ಲಿ ಸಿಗ್ನೇಚರ್ ದಿಗ್ ಪೋಸ್ಟ್ ಹಾಕಿ ಅಂಟಿಸಲಾಗಿದೆ.
ಯಂತ್ರ
ಬಾರದಂತೆ ಮಾಡಲಾಗಿದ್ದು ಕ್ಯಾಂಟೀನ್ ಆವರಣವನ್ನು ದ್ವಿಚಕ್ರ ವಾಹನಗಳ ನಿಲ್ದಾಣವನ್ನಾಗಿ ಮಾಡಿಕೊಳ್ಳಲಾಗಿದ್ದು, ಕ್ಯಾಂಟೀನ್‌ನಲ್ಲಿ ಚಪಾತಿ
ಮಾಡುವ ಯಂತ್ರಗಳು, ಆಹಾರ ಬಿಸಿಯಾಗಿಡುವ ಯಂತ್ರಗಳು ಇದ್ದರೂ ಸಹ ಯಾವುದು ಸಹ ಉಪಯೋಗಕ್ಕೆ ಬಾರದೆ ತುಕ್ಕು ಹಿಡಿಯುತ್ತಿವೆ. ಪ್ರತಿದಿನ ಬಡವರು ಸಿಬ್ಬಂದಿಗಳು ಆಹಾರ ತಯಾರಿ ಮಾಡುವ ಅಡುಗೆಯವರು ಯಾವುದೇ ಸಮವಸ್ತ್ರಗಳನ್ನು ಬಳಸದೆ ಕೆಲಸ ಮಾಡುತ್ತಿದ್ದು ಇಲ್ಲಿ ಬಡ, ನಿರ್ಗತಿಕ, ಗೌರವ, ಹಿರಿಯ ನಾಗರಿಕರು ಸಹ ವರ್ಗದ ಜನರು ಊಟಕ್ಕೆ ಬರುತ್ತಾರೆ. ಚಿಕ್ಕಯ ನವೀಲ ಗ್ರಾಮಸ್ಥ ಸಾರ್ವಜನಿಕ ನಾನು ವಾರದಲ್ಲಿ ಮೂರು ದಿನ ಇಂದಿರಾ ಕ್ಯಾಂಟೀನ್‌ನಲ್ಲಿ ಊಟ ಮಾಡಲು ಬರುತ್ತೇನೆ ಒಂದು ದಿನವೂ ಸಹ ಮುದ್ದೆ ಊಟ ಸಿಗುವುದಿಲ್ಲ, ಪಾಯಸ ಹಾಗೂ ಚಪಾತಿ ನೀಡುವುದಿಲ್ಲ, ಗುಣಮಟ್ಟದ ಆಹಾರವನ್ನು ನೀಡಿ ಎಂದು ಪ್ರತಿ ಸಲ ಹೇಳಿದರೂ ಸಹ ತಿದ್ದಿಕೊಳ್ಳುತ್ತಿಲ್ಲ, ಇಲ್ಲಿ ಸ್ವಚ್ಛತೆಗೆ ಹೆಚ್ಚು ಮಹತ್ವ ನೀಡಬೇಕಾಗಿದೆ.
